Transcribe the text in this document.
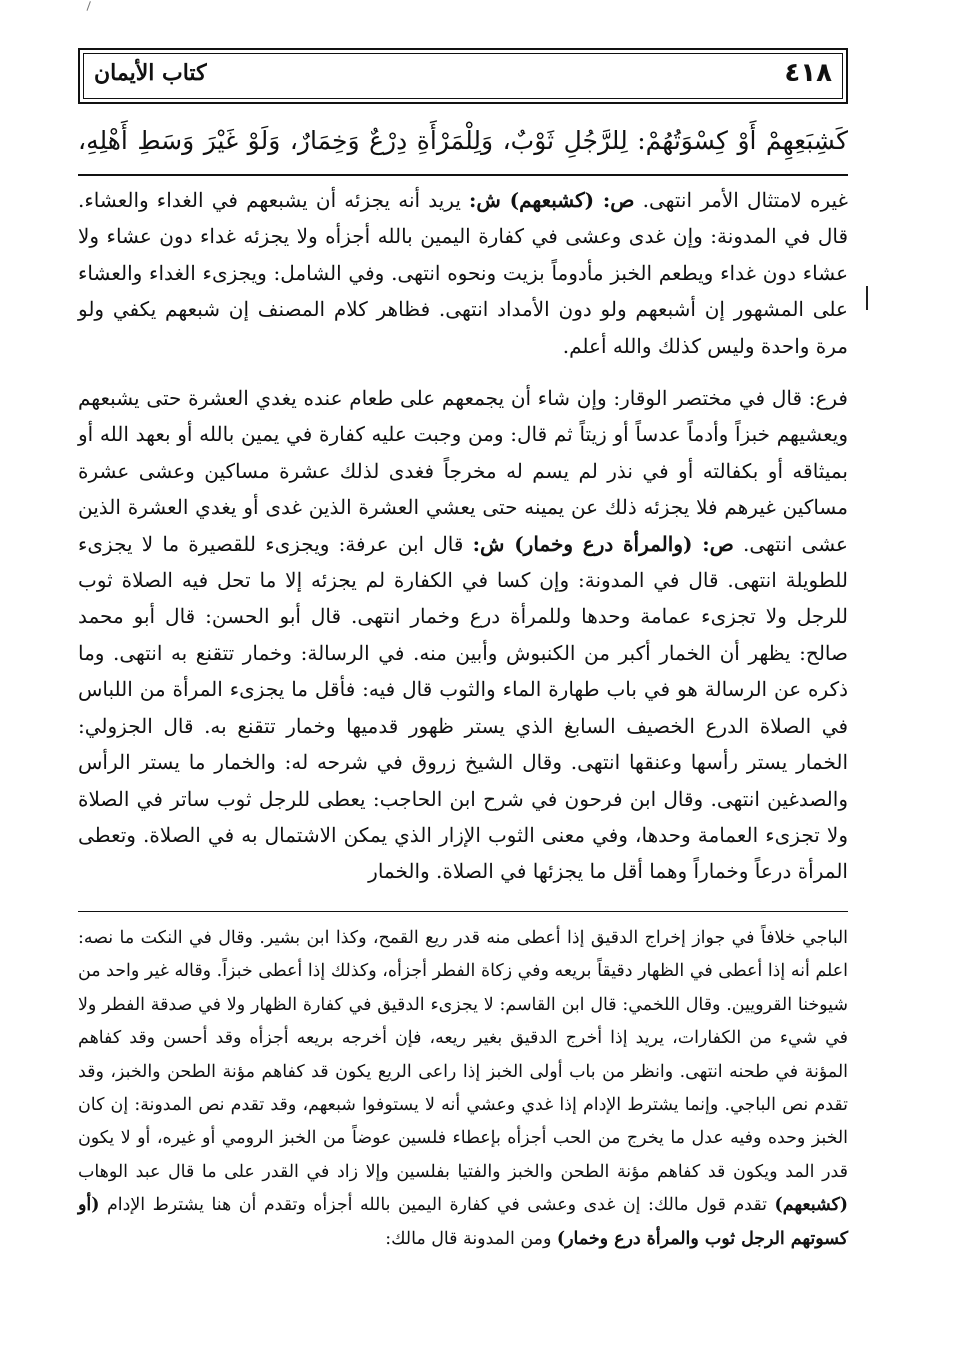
٤١٨
كتاب الأيمان
كَشِبَعِهِمْ أَوْ كِسْوَتُهُمْ: لِلرَّجُلِ ثَوْبٌ، وَلِلْمَرْأَةِ دِرْعٌ وَخِمَارٌ، وَلَوْ غَيْرَ وَسَطِ أَهْلِهِ،

غيره لامتثال الأمر انتهى. ص: (كشبعهم) ش: يريد أنه يجزئه أن يشبعهم في الغداء والعشاء. قال في المدونة: وإن غدى وعشى في كفارة اليمين بالله أجزأه ولا يجزئه غداء دون عشاء ولا عشاء دون غداء ويطعم الخبز مأدوماً بزيت ونحوه انتهى. وفي الشامل: ويجزىء الغداء والعشاء على المشهور إن أشبعهم ولو دون الأمداد انتهى. فظاهر كلام المصنف إن شبعهم يكفي ولو مرة واحدة وليس كذلك والله أعلم.

فرع: قال في مختصر الوقار: وإن شاء أن يجمعهم على طعام عنده يغدي العشرة حتى يشبعهم ويعشيهم خبزاً وأدماً عدساً أو زيتاً ثم قال: ومن وجبت عليه كفارة في يمين بالله أو بعهد الله أو بميثاقه أو بكفالته أو في نذر لم يسم له مخرجاً فغدى لذلك عشرة مساكين وعشى عشرة مساكين غيرهم فلا يجزئه ذلك عن يمينه حتى يعشي العشرة الذين غدى أو يغدي العشرة الذين عشى انتهى. ص: (والمرأة درع وخمار) ش: قال ابن عرفة: ويجزىء للقصيرة ما لا يجزىء للطويلة انتهى. قال في المدونة: وإن كسا في الكفارة لم يجزئه إلا ما تحل فيه الصلاة ثوب للرجل ولا تجزىء عمامة وحدها وللمرأة درع وخمار انتهى. قال أبو الحسن: قال أبو محمد صالح: يظهر أن الخمار أكبر من الكنبوش وأبين منه. في الرسالة: وخمار تتقنع به انتهى. وما ذكره عن الرسالة هو في باب طهارة الماء والثوب قال فيه: فأقل ما يجزىء المرأة من اللباس في الصلاة الدرع الخصيف السابغ الذي يستر ظهور قدميها وخمار تتقنع به. قال الجزولي: الخمار يستر رأسها وعنقها انتهى. وقال الشيخ زروق في شرحه له: والخمار ما يستر الرأس والصدغين انتهى. وقال ابن فرحون في شرح ابن الحاجب: يعطى للرجل ثوب ساتر في الصلاة ولا تجزىء العمامة وحدها، وفي معنى الثوب الإزار الذي يمكن الاشتمال به في الصلاة. وتعطى المرأة درعاً وخماراً وهما أقل ما يجزئها في الصلاة. والخمار

الباجي خلافاً في جواز إخراج الدقيق إذا أعطى منه قدر ريع القمح، وكذا ابن بشير. وقال في النكت ما نصه: اعلم أنه إذا أعطى في الظهار دقيقاً بريعه وفي زكاة الفطر أجزأه، وكذلك إذا أعطى خبزاً. وقاله غير واحد من شيوخنا القرويين. وقال اللخمي: قال ابن القاسم: لا يجزىء الدقيق في كفارة الظهار ولا في صدقة الفطر ولا في شيء من الكفارات، يريد إذا أخرج الدقيق بغير ريعه، فإن أخرجه بريعه أجزأه وقد أحسن وقد كفاهم المؤنة في طحنه انتهى. وانظر من باب أولى الخبز إذا راعى الريع يكون قد كفاهم مؤنة الطحن والخبز، وقد تقدم نص الباجي. وإنما يشترط الإدام إذا غدي وعشي أنه لا يستوفوا شبعهم، وقد تقدم نص المدونة: إن كان الخبز وحده وفيه عدل ما يخرج من الحب أجزأه بإعطاء فلسين عوضاً من الخبز الرومي أو غيره، أو لا يكون قدر المد ويكون قد كفاهم مؤنة الطحن والخبز والفتيا بفلسين وإلا زاد في القدر على ما قال عبد الوهاب (كشبعهم) تقدم قول مالك: إن غدى وعشى في كفارة اليمين بالله أجزأه وتقدم أن هنا يشترط الإدام (أو كسوتهم الرجل ثوب والمرأة درع وخمار) ومن المدونة قال مالك:
